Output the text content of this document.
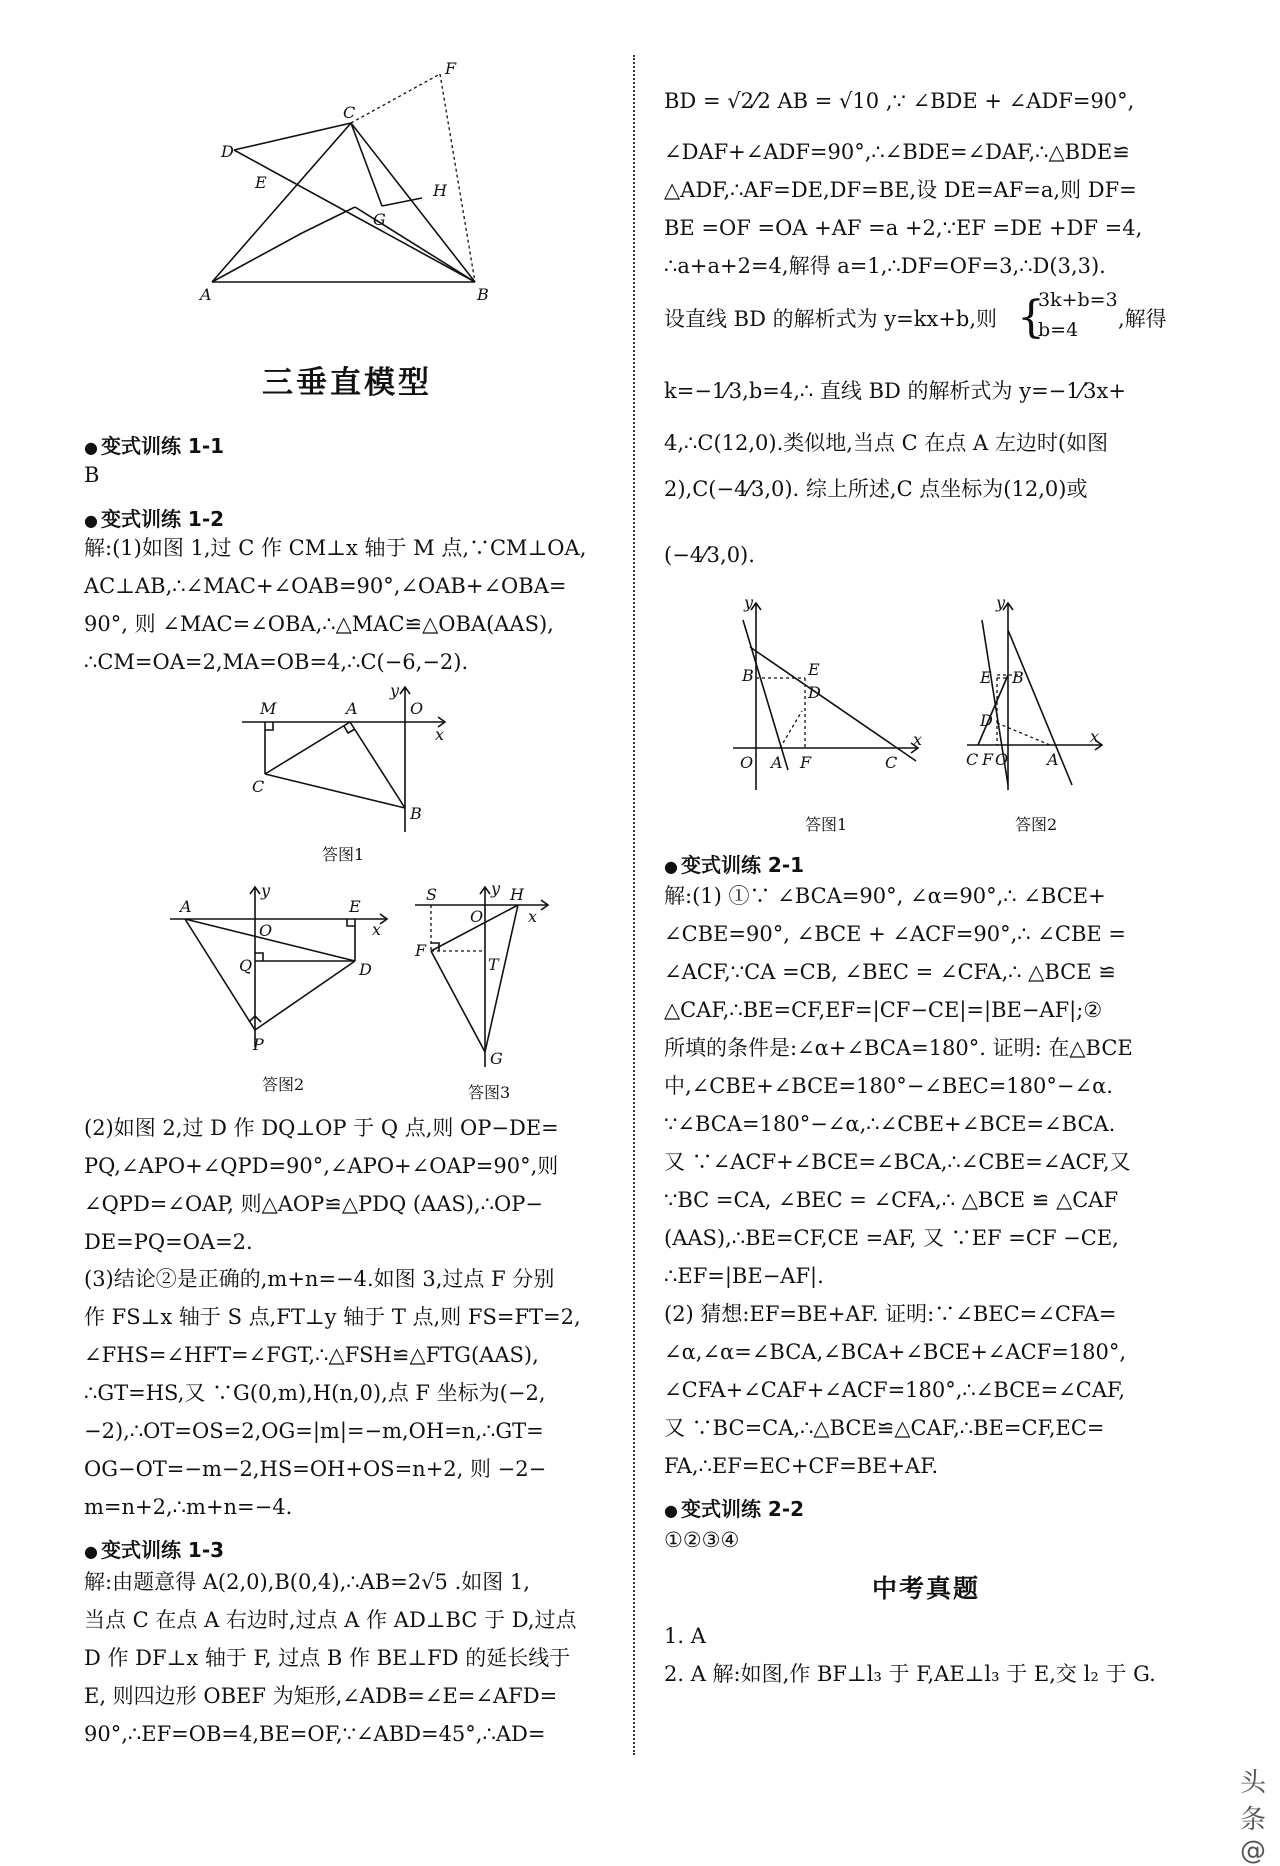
D
C
F
E	H
G
A	B
三垂直模型
● 变式训练 1-1
B
● 变式训练 1-2
解:(1)如图 1,过 C 作 CM⊥x 轴于 M 点,∵CM⊥OA,
AC⊥AB,∴∠MAC+∠OAB=90°,∠OAB+∠OBA=
90°, 则 ∠MAC=∠OBA,∴△MAC≌△OBA(AAS),
∴CM=OA=2,MA=OB=4,∴C(−6,−2).
M	A	O
y
x
C
B
答图1
A
y
O
E
x
Q	D
P
答图2
S	y H
O	x
F
T
G
答图3
(2)如图 2,过 D 作 DQ⊥OP 于 Q 点,则 OP−DE=
PQ,∠APO+∠QPD=90°,∠APO+∠OAP=90°,则
∠QPD=∠OAP, 则△AOP≌△PDQ (AAS),∴OP−
DE=PQ=OA=2.
(3)结论②是正确的,m+n=−4.如图 3,过点 F 分别
作 FS⊥x 轴于 S 点,FT⊥y 轴于 T 点,则 FS=FT=2,
∠FHS=∠HFT=∠FGT,∴△FSH≌△FTG(AAS),
∴GT=HS,又 ∵G(0,m),H(n,0),点 F 坐标为(−2,
−2),∴OT=OS=2,OG=|m|=−m,OH=n,∴GT=
OG−OT=−m−2,HS=OH+OS=n+2, 则 −2−
m=n+2,∴m+n=−4.
● 变式训练 1-3
解:由题意得 A(2,0),B(0,4),∴AB=2√5 .如图 1,
当点 C 在点 A 右边时,过点 A 作 AD⊥BC 于 D,过点
D 作 DF⊥x 轴于 F, 过点 B 作 BE⊥FD 的延长线于
E, 则四边形 OBEF 为矩形,∠ADB=∠E=∠AFD=
90°,∴EF=OB=4,BE=OF,∵∠ABD=45°,∴AD=
BD = √2⁄2 AB = √10 ,∵ ∠BDE + ∠ADF=90°,
∠DAF+∠ADF=90°,∴∠BDE=∠DAF,∴△BDE≌
△ADF,∴AF=DE,DF=BE,设 DE=AF=a,则 DF=
BE =OF =OA +AF =a +2,∵EF =DE +DF =4,
∴a+a+2=4,解得 a=1,∴DF=OF=3,∴D(3,3).
设直线 BD 的解析式为 y=kx+b,则 {
3k+b=3
b=4 ,解得
k=−1⁄3,b=4,∴ 直线 BD 的解析式为 y=−1⁄3x+
4,∴C(12,0).类似地,当点 C 在点 A 左边时(如图
2),C(−4⁄3,0). 综上所述,C 点坐标为(12,0)或
(−4⁄3,0).
y
B	E
D
x
O A F	C
答图1
y
E B
D
C F O A
x
答图2
● 变式训练 2-1
解:(1) ①∵ ∠BCA=90°, ∠α=90°,∴ ∠BCE+
∠CBE=90°, ∠BCE + ∠ACF=90°,∴ ∠CBE =
∠ACF,∵CA =CB, ∠BEC = ∠CFA,∴ △BCE ≌
△CAF,∴BE=CF,EF=|CF−CE|=|BE−AF|;②
所填的条件是:∠α+∠BCA=180°. 证明: 在△BCE
中,∠CBE+∠BCE=180°−∠BEC=180°−∠α.
∵∠BCA=180°−∠α,∴∠CBE+∠BCE=∠BCA.
又 ∵∠ACF+∠BCE=∠BCA,∴∠CBE=∠ACF,又
∵BC =CA, ∠BEC = ∠CFA,∴ △BCE ≌ △CAF
(AAS),∴BE=CF,CE =AF, 又 ∵EF =CF −CE,
∴EF=|BE−AF|.
(2) 猜想:EF=BE+AF. 证明:∵∠BEC=∠CFA=
∠α,∠α=∠BCA,∠BCA+∠BCE+∠ACF=180°,
∠CFA+∠CAF+∠ACF=180°,∴∠BCE=∠CAF,
又 ∵BC=CA,∴△BCE≌△CAF,∴BE=CF,EC=
FA,∴EF=EC+CF=BE+AF.
● 变式训练 2-2
①②③④
中考真题
1. A
2. A 解:如图,作 BF⊥l₃ 于 F,AE⊥l₃ 于 E,交 l₂ 于 G.
头条 @
